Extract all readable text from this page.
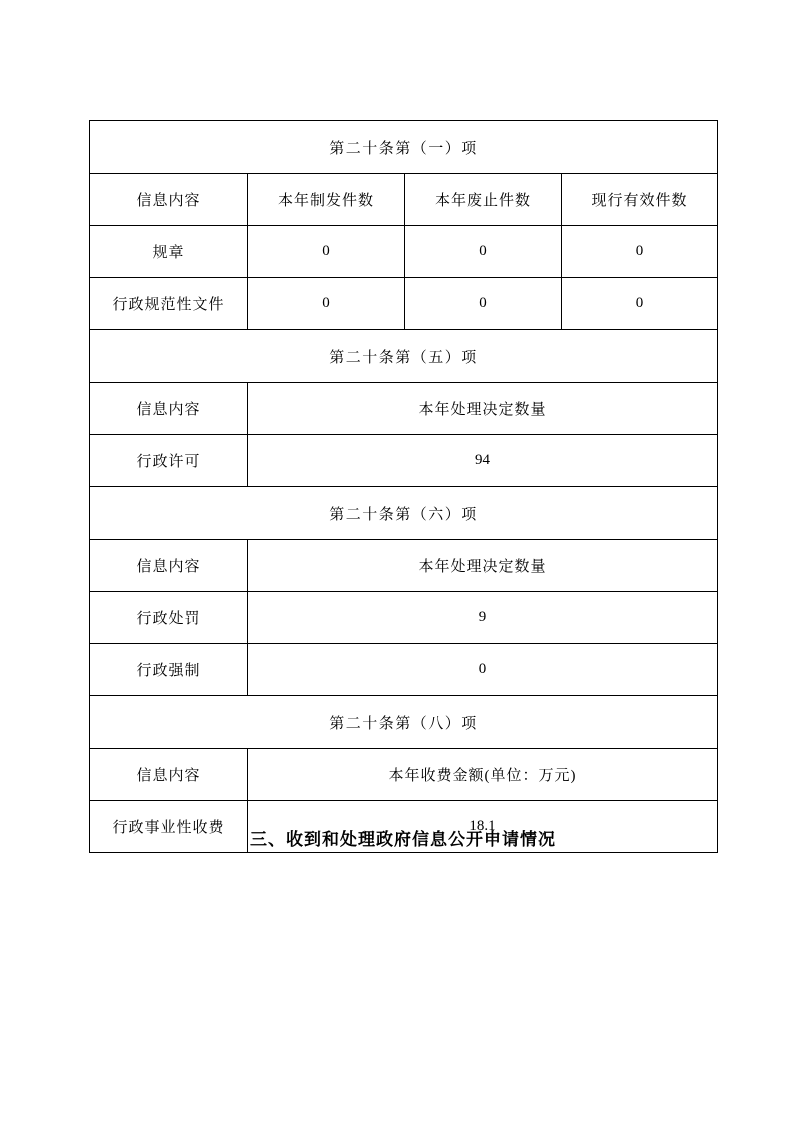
第二十条第（一）项			
信息内容	本年制发件数	本年废止件数	现行有效件数
规章	0	0	0
行政规范性文件	0	0	0
第二十条第（五）项			
信息内容	本年处理决定数量		
行政许可	94		
第二十条第（六）项			
信息内容	本年处理决定数量		
行政处罚	9		
行政强制	0		
第二十条第（八）项			
信息内容	本年收费金额(单位：万元)		
行政事业性收费	18.1		
三、收到和处理政府信息公开申请情况
